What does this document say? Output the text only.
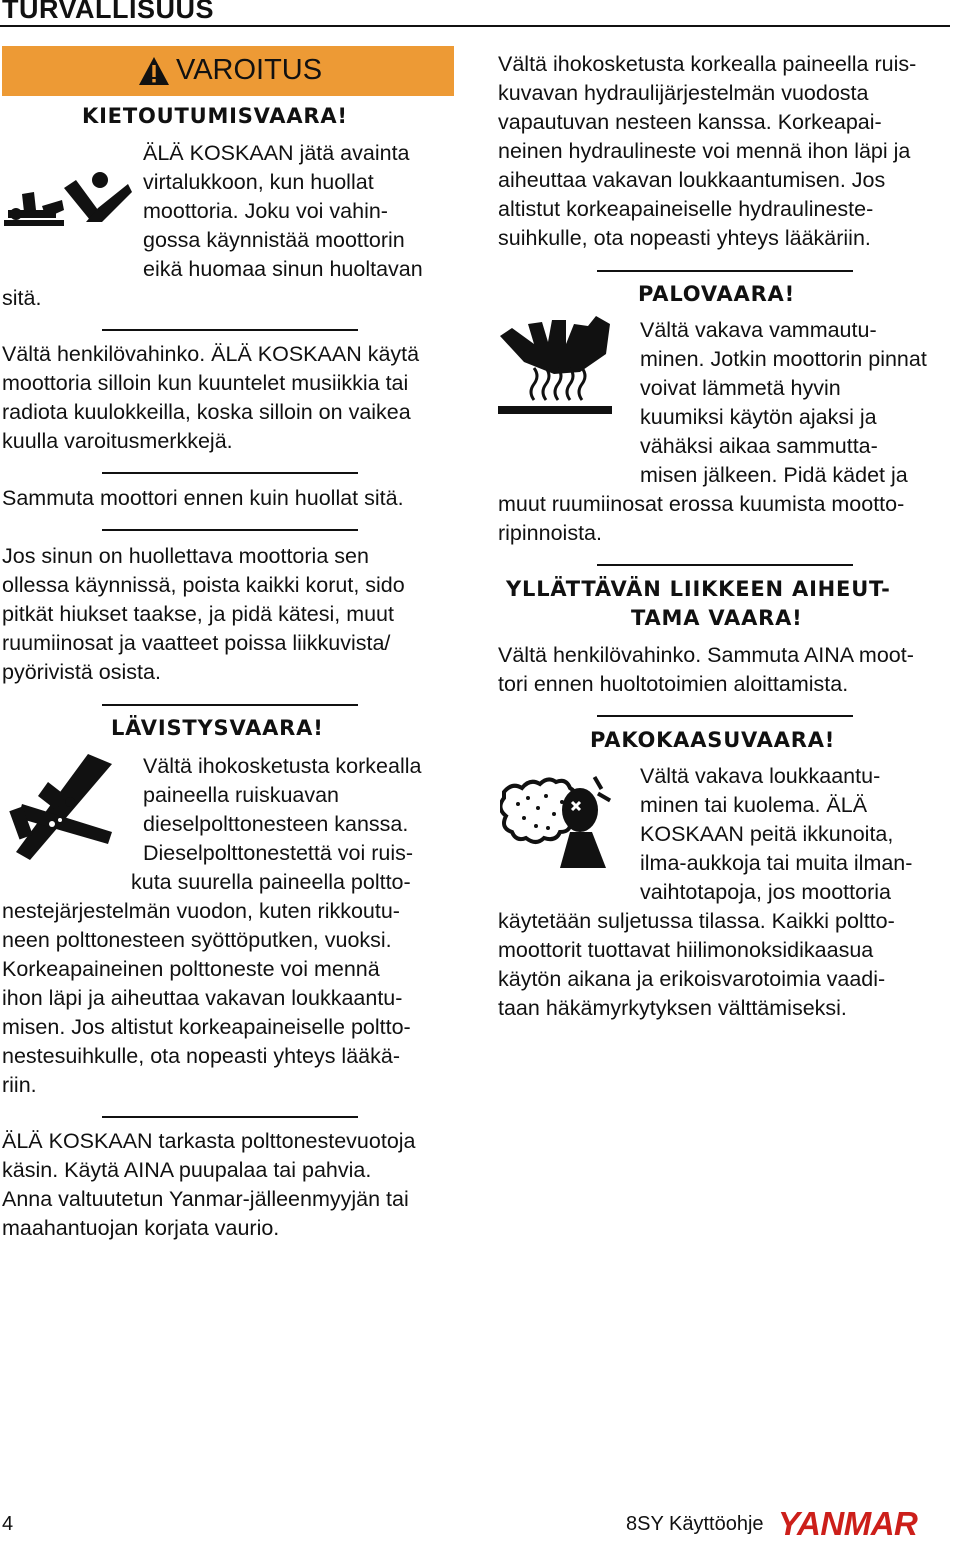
TURVALLISUUS
VAROITUS
KIETOUTUMISVAARA!
ÄLÄ KOSKAAN jätä avainta
virtalukkoon, kun huollat
moottoria. Joku voi vahin-
gossa käynnistää moottorin
eikä huomaa sinun huoltavan
sitä.
Vältä henkilövahinko. ÄLÄ KOSKAAN käytä
moottoria silloin kun kuuntelet musiikkia tai
radiota kuulokkeilla, koska silloin on vaikea
kuulla varoitusmerkkejä.
Sammuta moottori ennen kuin huollat sitä.
Jos sinun on huollettava moottoria sen
ollessa käynnissä, poista kaikki korut, sido
pitkät hiukset taakse, ja pidä kätesi, muut
ruumiinosat ja vaatteet poissa liikkuvista/
pyörivistä osista.
LÄVISTYSVAARA!
Vältä ihokosketusta korkealla
paineella ruiskuavan
dieselpolttonesteen kanssa.
Dieselpolttonestettä voi ruis-
kuta suurella paineella poltto-
nestejärjestelmän vuodon, kuten rikkoutu-
neen polttonesteen syöttöputken, vuoksi.
Korkeapaineinen polttoneste voi mennä
ihon läpi ja aiheuttaa vakavan loukkaantu-
misen. Jos altistut korkeapaineiselle poltto-
nestesuihkulle, ota nopeasti yhteys lääkä-
riin.
ÄLÄ KOSKAAN tarkasta polttonestevuotoja
käsin. Käytä AINA puupalaa tai pahvia.
Anna valtuutetun Yanmar-jälleenmyyjän tai
maahantuojan korjata vaurio.
Vältä ihokosketusta korkealla paineella ruis-
kuvavan hydraulijärjestelmän vuodosta
vapautuvan nesteen kanssa. Korkeapai-
neinen hydraulineste voi mennä ihon läpi ja
aiheuttaa vakavan loukkaantumisen. Jos
altistut korkeapaineiselle hydraulineste-
suihkulle, ota nopeasti yhteys lääkäriin.
PALOVAARA!
Vältä vakava vammautu-
minen. Jotkin moottorin pinnat
voivat lämmetä hyvin
kuumiksi käytön ajaksi ja
vähäksi aikaa sammutta-
misen jälkeen. Pidä kädet ja
muut ruumiinosat erossa kuumista mootto-
ripinnoista.
YLLÄTTÄVÄN LIIKKEEN AIHEUT-
TAMA VAARA!
Vältä henkilövahinko. Sammuta AINA moot-
tori ennen huoltotoimien aloittamista.
PAKOKAASUVAARA!
Vältä vakava loukkaantu-
minen tai kuolema. ÄLÄ
KOSKAAN peitä ikkunoita,
ilma-aukkoja tai muita ilman-
vaihtotapoja, jos moottoria
käytetään suljetussa tilassa. Kaikki poltto-
moottorit tuottavat hiilimonoksidikaasua
käytön aikana ja erikoisvarotoimia vaadi-
taan häkämyrkytyksen välttämiseksi.
4	8SY Käyttöohje YANMAR
